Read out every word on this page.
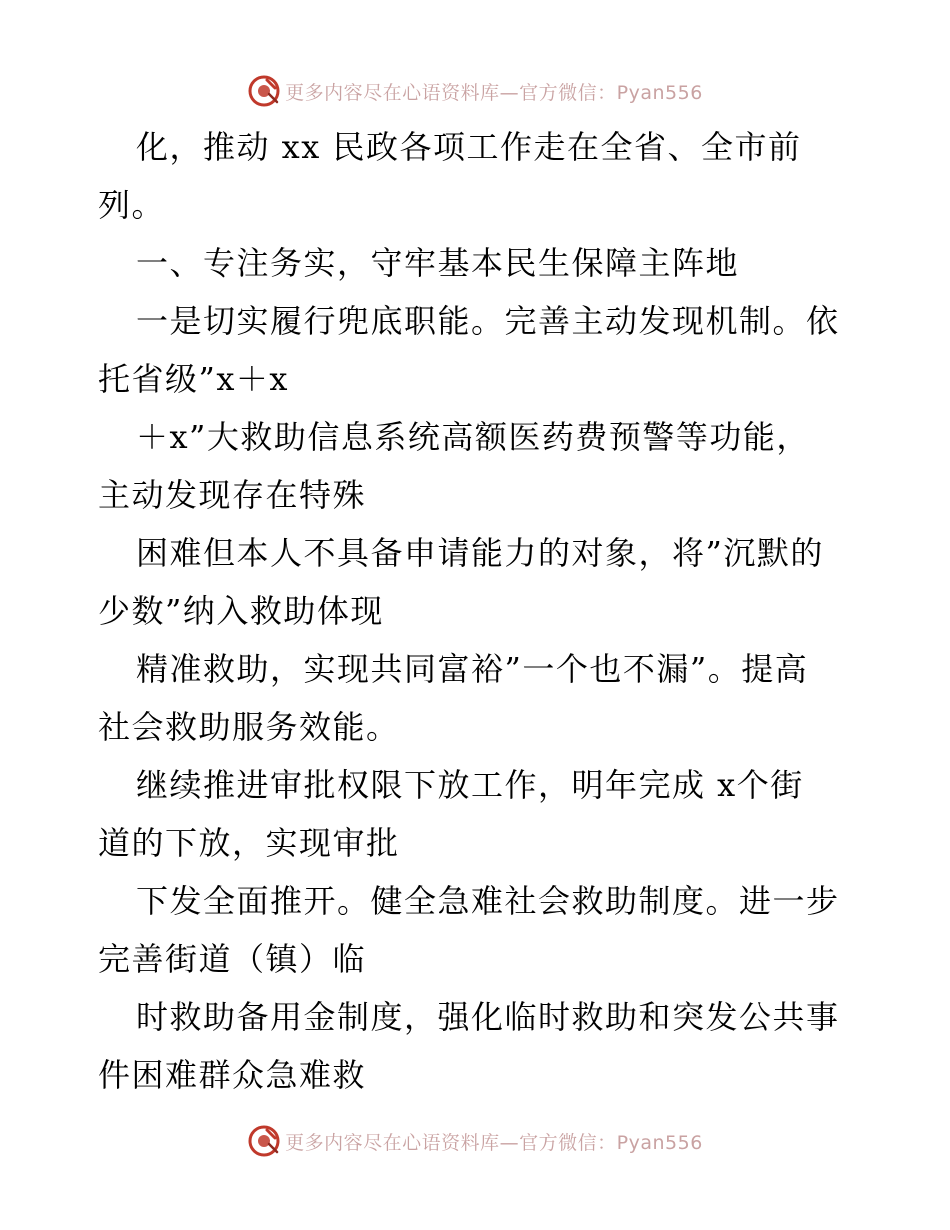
更多内容尽在心语资料库—官方微信：Pyan556
化，推动 xx 民政各项工作走在全省、全市前
列。
一、专注务实，守牢基本民生保障主阵地
一是切实履行兜底职能。完善主动发现机制。依
托省级”x＋x
＋x”大救助信息系统高额医药费预警等功能，
主动发现存在特殊
困难但本人不具备申请能力的对象，将”沉默的
少数”纳入救助体现
精准救助，实现共同富裕”一个也不漏”。提高
社会救助服务效能。
继续推进审批权限下放工作，明年完成 x个街
道的下放，实现审批
下发全面推开。健全急难社会救助制度。进一步
完善街道（镇）临
时救助备用金制度，强化临时救助和突发公共事
件困难群众急难救
更多内容尽在心语资料库—官方微信：Pyan556
